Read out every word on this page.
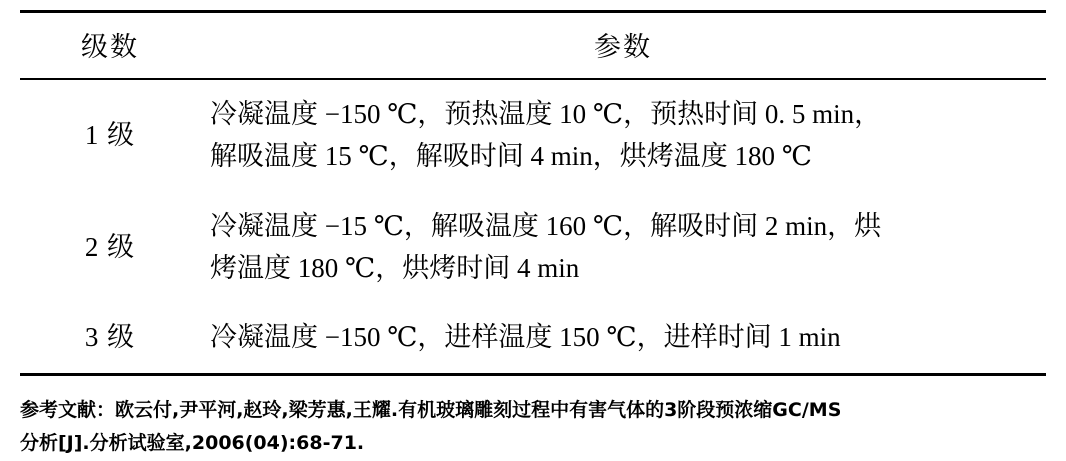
级数	参数
1 级	冷凝温度 −150 ℃，预热温度 10 ℃，预热时间 0. 5 min，
解吸温度 15 ℃，解吸时间 4 min，烘烤温度 180 ℃

2 级	冷凝温度 −15 ℃，解吸温度 160 ℃，解吸时间 2 min，烘
烤温度 180 ℃，烘烤时间 4 min

3 级	冷凝温度 −150 ℃，进样温度 150 ℃，进样时间 1 min

参考文献：欧云付,尹平河,赵玲,梁芳惠,王耀.有机玻璃雕刻过程中有害气体的3阶段预浓缩GC/MS
分析[J].分析试验室,2006(04):68-71.
